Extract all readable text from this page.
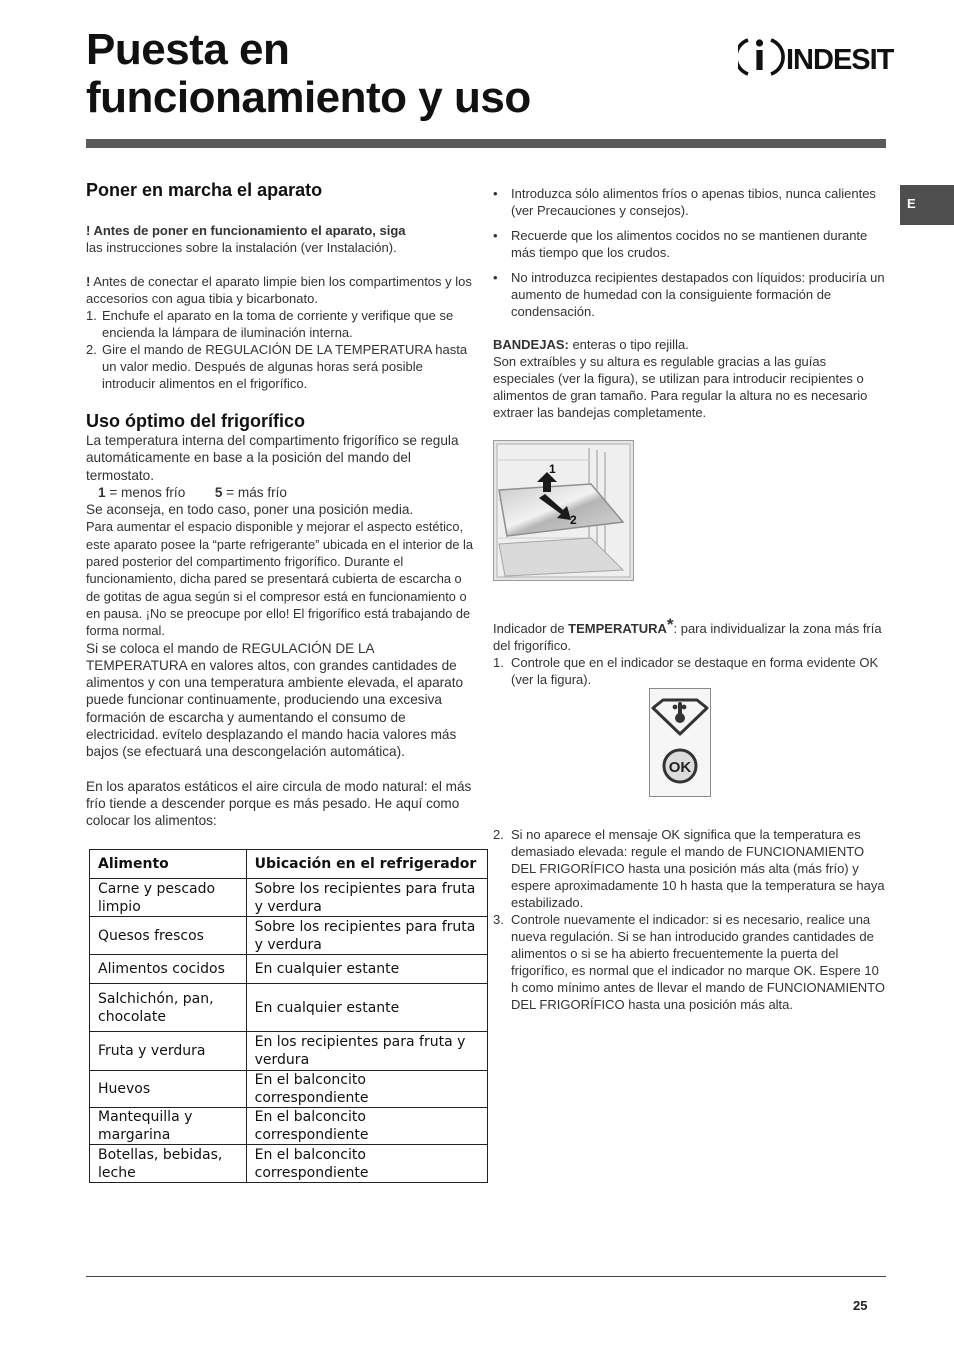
Puesta en
funcionamiento y uso
INDESIT
E
Poner en marcha el aparato

! Antes de poner en funcionamiento el aparato, siga
las instrucciones sobre la instalación (ver Instalación).

! Antes de conectar el aparato limpie bien los compartimentos y los accesorios con agua tibia y bicarbonato.

1. Enchufe el aparato en la toma de corriente y verifique que se encienda la lámpara de iluminación interna.
2. Gire el mando de REGULACIÓN DE LA TEMPERATURA hasta un valor medio. Después de algunas horas será posible introducir alimentos en el frigorífico.
Uso óptimo del frigorífico

La temperatura interna del compartimento frigorífico se regula automáticamente en base a la posición del mando del termostato.

1 = menos frío 5 = más frío

Se aconseja, en todo caso, poner una posición media.

Para aumentar el espacio disponible y mejorar el aspecto estético, este aparato posee la “parte refrigerante” ubicada en el interior de la pared posterior del compartimento frigorífico. Durante el funcionamiento, dicha pared se presentará cubierta de escarcha o de gotitas de agua según si el compresor está en funcionamiento o en pausa. ¡No se preocupe por ello! El frigorífico está trabajando de forma normal.

Si se coloca el mando de REGULACIÓN DE LA TEMPERATURA en valores altos, con grandes cantidades de alimentos y con una temperatura ambiente elevada, el aparato puede funcionar continuamente, produciendo una excesiva formación de escarcha y aumentando el consumo de electricidad. evítelo desplazando el mando hacia valores más bajos (se efectuará una descongelación automática).

En los aparatos estáticos el aire circula de modo natural: el más frío tiende a descender porque es más pesado. He aquí como colocar los alimentos:

Alimento	Ubicación en el refrigerador
Carne y pescado limpio	Sobre los recipientes para fruta y verdura
Quesos frescos	Sobre los recipientes para fruta y verdura
Alimentos cocidos	En cualquier estante
Salchichón, pan, chocolate	En cualquier estante
Fruta y verdura	En los recipientes para fruta y verdura
Huevos	En el balconcito correspondiente
Mantequilla y margarina	En el balconcito correspondiente
Botellas, bebidas, leche	En el balconcito correspondiente
• Introduzca sólo alimentos fríos o apenas tibios, nunca calientes (ver Precauciones y consejos).
• Recuerde que los alimentos cocidos no se mantienen durante más tiempo que los crudos.
• No introduzca recipientes destapados con líquidos: produciría un aumento de humedad con la consiguiente formación de condensación.

BANDEJAS: enteras o tipo rejilla.

Son extraíbles y su altura es regulable gracias a las guías especiales (ver la figura), se utilizan para introducir recipientes o alimentos de gran tamaño. Para regular la altura no es necesario extraer las bandejas completamente.

1
2

Indicador de TEMPERATURA*: para individualizar la zona más fría del frigorífico.

1. Controle que en el indicador se destaque en forma evidente OK (ver la figura).
OK
2. Si no aparece el mensaje OK significa que la temperatura es demasiado elevada: regule el mando de FUNCIONAMIENTO DEL FRIGORÍFICO hasta una posición más alta (más frío) y espere aproximadamente 10 h hasta que la temperatura se haya estabilizado.
3. Controle nuevamente el indicador: si es necesario, realice una nueva regulación. Si se han introducido grandes cantidades de alimentos o si se ha abierto frecuentemente la puerta del frigorífico, es normal que el indicador no marque OK. Espere 10 h como mínimo antes de llevar el mando de FUNCIONAMIENTO DEL FRIGORÍFICO hasta una posición más alta.
25
